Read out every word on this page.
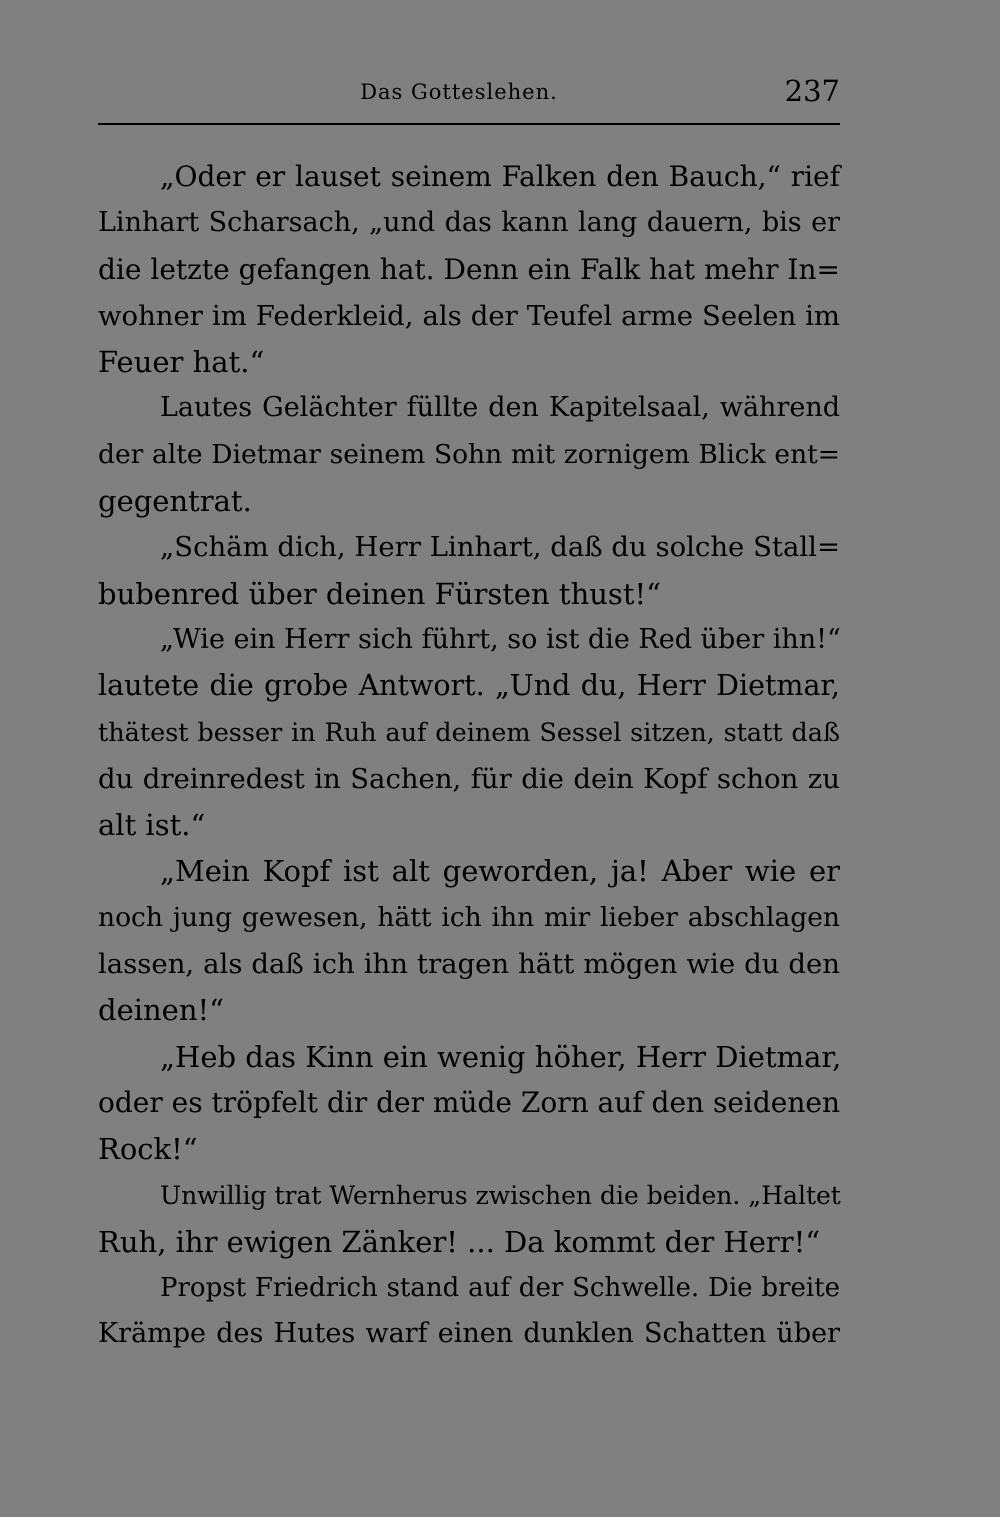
Das Gotteslehen.	237
„Oder er lauset seinem Falken den Bauch,“ rief
Linhart Scharsach, „und das kann lang dauern, bis er
die letzte gefangen hat. Denn ein Falk hat mehr In=
wohner im Federkleid, als der Teufel arme Seelen im
Feuer hat.“
Lautes Gelächter füllte den Kapitelsaal, während
der alte Dietmar seinem Sohn mit zornigem Blick ent=
gegentrat.
„Schäm dich, Herr Linhart, daß du solche Stall=
bubenred über deinen Fürsten thust!“
„Wie ein Herr sich führt, so ist die Red über ihn!“
lautete die grobe Antwort. „Und du, Herr Dietmar,
thätest besser in Ruh auf deinem Sessel sitzen, statt daß
du dreinredest in Sachen, für die dein Kopf schon zu
alt ist.“
„Mein Kopf ist alt geworden, ja! Aber wie er
noch jung gewesen, hätt ich ihn mir lieber abschlagen
lassen, als daß ich ihn tragen hätt mögen wie du den
deinen!“
„Heb das Kinn ein wenig höher, Herr Dietmar,
oder es tröpfelt dir der müde Zorn auf den seidenen
Rock!“
Unwillig trat Wernherus zwischen die beiden. „Haltet
Ruh, ihr ewigen Zänker! ... Da kommt der Herr!“
Propst Friedrich stand auf der Schwelle. Die breite
Krämpe des Hutes warf einen dunklen Schatten über
